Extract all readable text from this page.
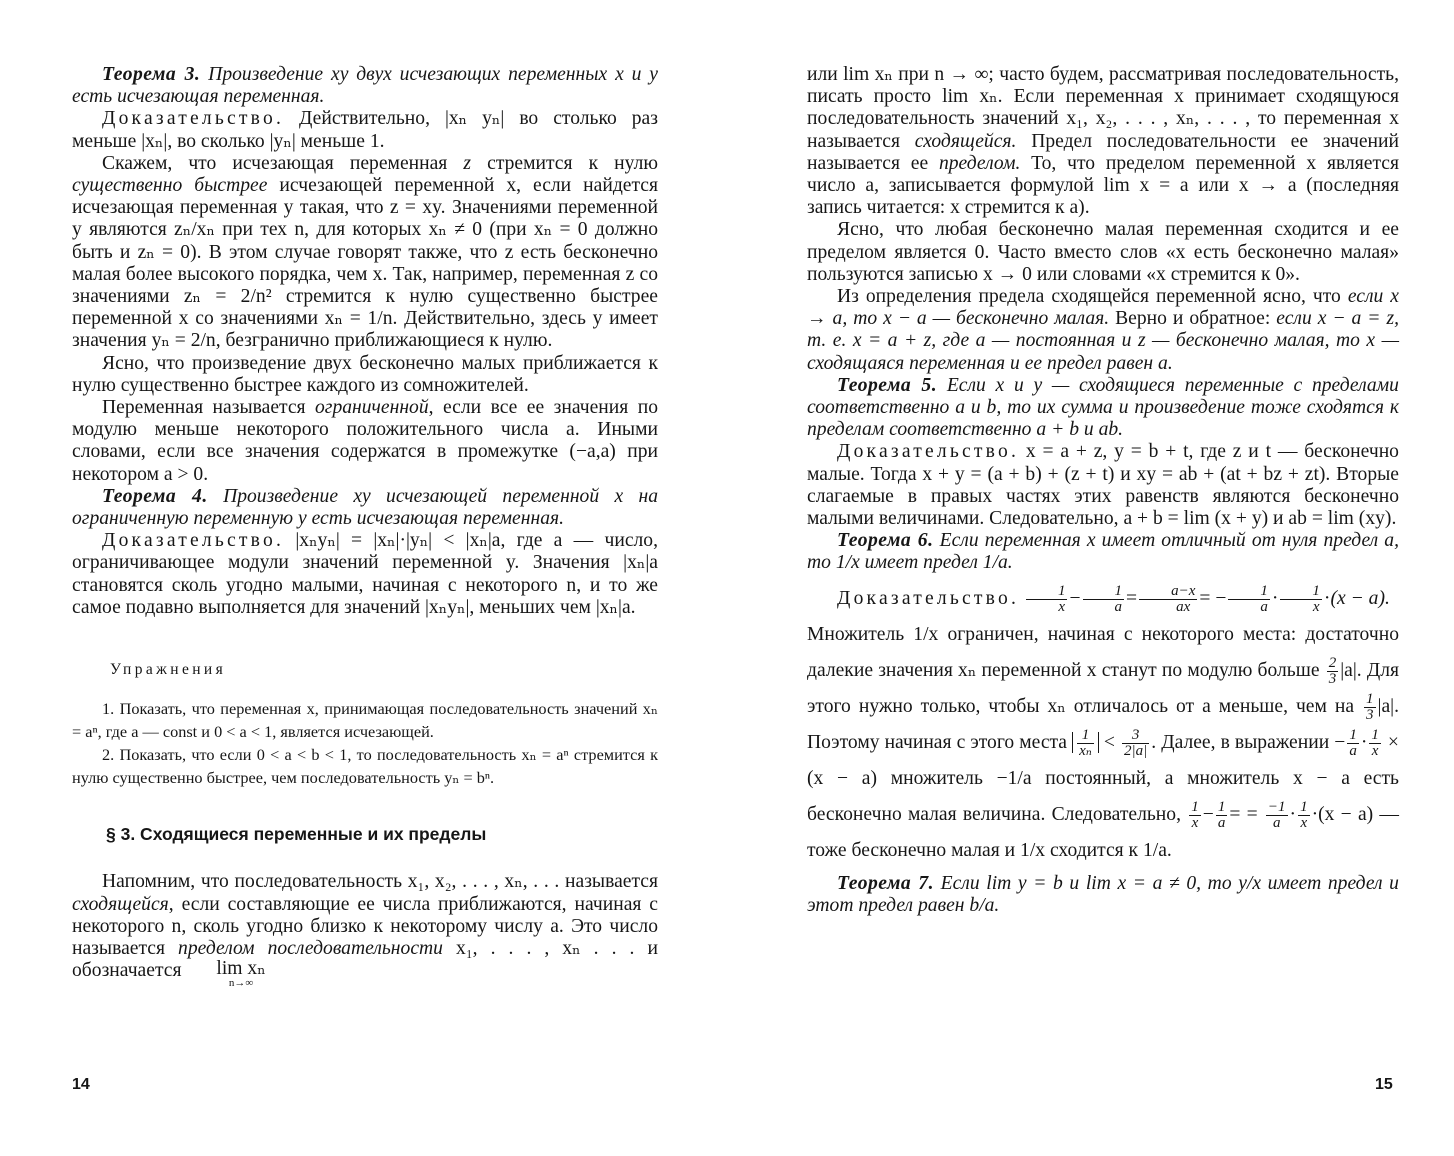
Теорема 3. Произведение xy двух исчезающих переменных x и y есть исчезающая переменная.

Доказательство. Действительно, |xₙ yₙ| во столько раз меньше |xₙ|, во сколько |yₙ| меньше 1.

Скажем, что исчезающая переменная z стремится к нулю существенно быстрее исчезающей переменной x, если найдется исчезающая переменная y такая, что z = xy. Значениями переменной y являются zₙ/xₙ при тех n, для которых xₙ ≠ 0 (при xₙ = 0 должно быть и zₙ = 0). В этом случае говорят также, что z есть бесконечно малая более высокого порядка, чем x. Так, например, переменная z со значениями zₙ = 2/n² стремится к нулю существенно быстрее переменной x со значениями xₙ = 1/n. Действительно, здесь y имеет значения yₙ = 2/n, безгранично приближающиеся к нулю.

Ясно, что произведение двух бесконечно малых приближается к нулю существенно быстрее каждого из сомножителей.

Переменная называется ограниченной, если все ее значения по модулю меньше некоторого положительного числа a. Иными словами, если все значения содержатся в промежутке (−a,a) при некотором a > 0.

Теорема 4. Произведение xy исчезающей переменной x на ограниченную переменную y есть исчезающая переменная.

Доказательство. |xₙyₙ| = |xₙ|·|yₙ| < |xₙ|a, где a — число, ограничивающее модули значений переменной y. Значения |xₙ|a становятся сколь угодно малыми, начиная с некоторого n, и то же самое подавно выполняется для значений |xₙyₙ|, меньших чем |xₙ|a.

Упражнения

1. Показать, что переменная x, принимающая последовательность значений xₙ = aⁿ, где a — const и 0 < a < 1, является исчезающей.

2. Показать, что если 0 < a < b < 1, то последовательность xₙ = aⁿ стремится к нулю существенно быстрее, чем последовательность yₙ = bⁿ.

§ 3. Сходящиеся переменные и их пределы

Напомним, что последовательность x₁, x₂, . . . , xₙ, . . . называется сходящейся, если составляющие ее числа приближаются, начиная с некоторого n, сколь угодно близко к некоторому числу a. Это число называется пределом последовательности x₁, . . . , xₙ . . . и обозначается lim xₙ
n→∞

14

или lim xₙ при n → ∞; часто будем, рассматривая последовательность, писать просто lim xₙ. Если переменная x принимает сходящуюся последовательность значений x₁, x₂, . . . , xₙ, . . . , то переменная x называется сходящейся. Предел последовательности ее значений называется ее пределом. То, что пределом переменной x является число a, записывается формулой lim x = a или x → a (последняя запись читается: x стремится к a).

Ясно, что любая бесконечно малая переменная сходится и ее пределом является 0. Часто вместо слов «x есть бесконечно малая» пользуются записью x → 0 или словами «x стремится к 0».

Из определения предела сходящейся переменной ясно, что если x → a, то x − a — бесконечно малая. Верно и обратное: если x − a = z, т. е. x = a + z, где a — постоянная и z — бесконечно малая, то x — сходящаяся переменная и ее предел равен a.

Теорема 5. Если x и y — сходящиеся переменные с пределами соответственно a и b, то их сумма и произведение тоже сходятся к пределам соответственно a + b и ab.

Доказательство. x = a + z, y = b + t, где z и t — бесконечно малые. Тогда x + y = (a + b) + (z + t) и xy = ab + (at + bz + zt). Вторые слагаемые в правых частях этих равенств являются бесконечно малыми величинами. Следовательно, a + b = lim (x + y) и ab = lim (xy).

Теорема 6. Если переменная x имеет отличный от нуля предел a, то 1/x имеет предел 1/a.

Доказательство. $\frac{1}{x} - \frac{1}{a} = \frac{a-x}{ax}$ = − $\frac{1}{a} \cdot \frac{1}{x} \cdot(x - a)$.

Множитель 1/x ограничен, начиная с некоторого места: достаточно далекие значения xₙ переменной x станут по модулю больше $\frac{2}{3} |a|$. Для этого нужно только, чтобы xₙ отличалось от a меньше, чем на $\frac{1}{3} |a|$. Поэтому начиная с этого места $\frac{1}{\text{xₙ}} < \frac{3}{2|a|}$ . Далее, в выражении − $\frac{1}{a} \cdot \frac{1}{x} \times (x - a)$ множитель −1/a постоянный, а множитель x − a есть бесконечно малая величина. Следовательно, $\frac{1}{x} - \frac{1}{a}$ = = $\frac{-1}{a} \cdot \frac{1}{x} \cdot(x - a)$ — тоже бесконечно малая и 1/x сходится к 1/a.

Теорема 7. Если lim y = b и lim x = a ≠ 0, то y/x имеет предел и этот предел равен b/a.

15
